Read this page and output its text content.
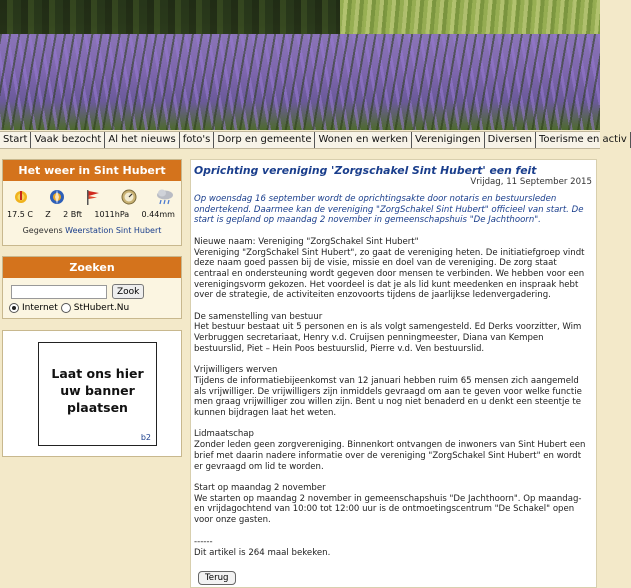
Start Vaak bezocht Al het nieuws foto's Dorp en gemeente Wonen en werken Verenigingen Diversen Toerisme en activ
Het weer in Sint Hubert
17.5 C Z 2 Bft 1011hPa 0.44mm
Gegevens Weerstation Sint Hubert
Zoeken
Zook
Internet StHubert.Nu
Laat ons hier uw banner plaatsen
b2
Oprichting vereniging 'Zorgschakel Sint Hubert' een feit
Vrijdag, 11 September 2015

Op woensdag 16 september wordt de oprichtingsakte door notaris en bestuursleden ondertekend. Daarmee kan de vereniging "ZorgSchakel Sint Hubert" officieel van start. De start is gepland op maandag 2 november in gemeenschapshuis "De Jachthoorn".

Nieuwe naam: Vereniging "ZorgSchakel Sint Hubert"
Vereniging "ZorgSchakel Sint Hubert", zo gaat de vereniging heten. De initiatiefgroep vindt deze naam goed passen bij de visie, missie en doel van de vereniging. De zorg staat centraal en ondersteuning wordt gegeven door mensen te verbinden. We hebben voor een verenigingsvorm gekozen. Het voordeel is dat je als lid kunt meedenken en inspraak hebt over de strategie, de activiteiten enzovoorts tijdens de jaarlijkse ledenvergadering.

De samenstelling van bestuur
Het bestuur bestaat uit 5 personen en is als volgt samengesteld. Ed Derks voorzitter, Wim Verbruggen secretariaat, Henry v.d. Cruijsen penningmeester, Diana van Kempen bestuurslid, Piet – Hein Poos bestuurslid, Pierre v.d. Ven bestuurslid.

Vrijwilligers werven
Tijdens de informatiebijeenkomst van 12 januari hebben ruim 65 mensen zich aangemeld als vrijwilliger. De vrijwilligers zijn inmiddels gevraagd om aan te geven voor welke functie men graag vrijwilliger zou willen zijn. Bent u nog niet benaderd en u denkt een steentje te kunnen bijdragen laat het weten.

Lidmaatschap
Zonder leden geen zorgvereniging. Binnenkort ontvangen de inwoners van Sint Hubert een brief met daarin nadere informatie over de vereniging "ZorgSchakel Sint Hubert" en wordt er gevraagd om lid te worden.

Start op maandag 2 november
We starten op maandag 2 november in gemeenschapshuis "De Jachthoorn". Op maandag- en vrijdagochtend van 10:00 tot 12:00 uur is de ontmoetingscentrum "De Schakel" open voor onze gasten.

------
Dit artikel is 264 maal bekeken.
Terug
